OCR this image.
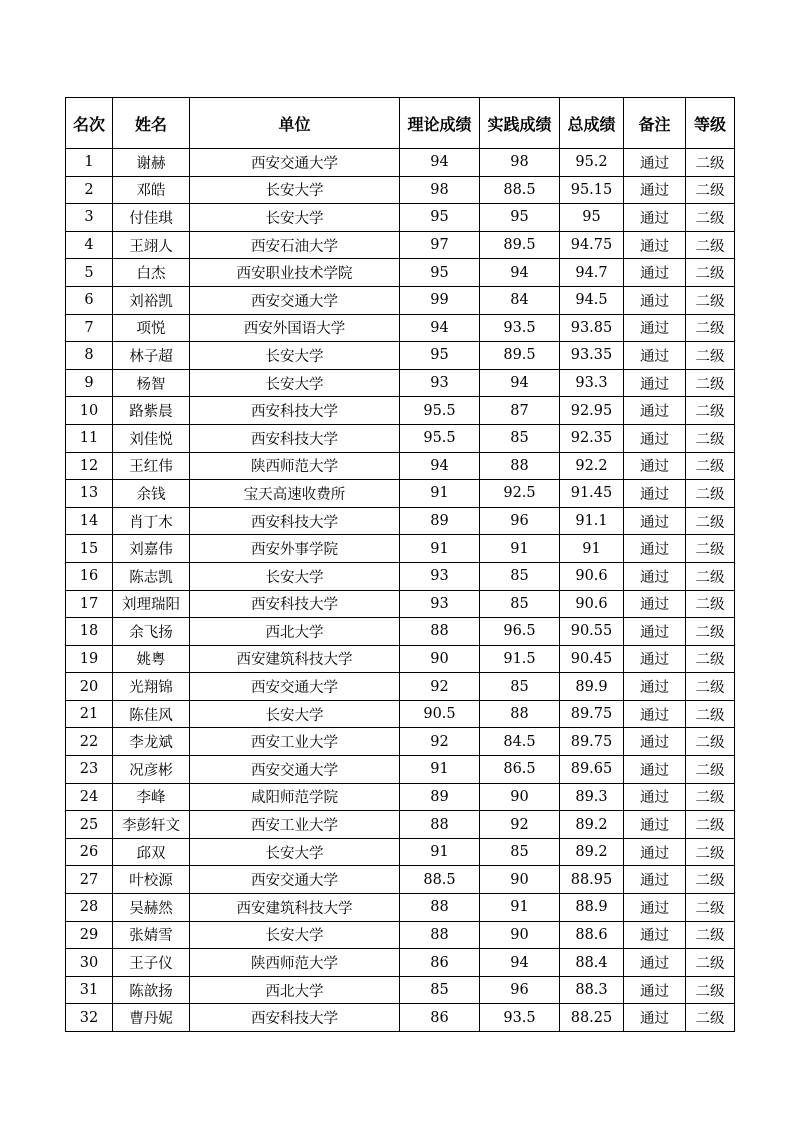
名次	姓名	单位	理论成绩	实践成绩	总成绩	备注	等级
1	谢赫	西安交通大学	94	98	95.2	通过	二级
2	邓皓	长安大学	98	88.5	95.15	通过	二级
3	付佳琪	长安大学	95	95	95	通过	二级
4	王翊人	西安石油大学	97	89.5	94.75	通过	二级
5	白杰	西安职业技术学院	95	94	94.7	通过	二级
6	刘裕凯	西安交通大学	99	84	94.5	通过	二级
7	项悦	西安外国语大学	94	93.5	93.85	通过	二级
8	林子超	长安大学	95	89.5	93.35	通过	二级
9	杨智	长安大学	93	94	93.3	通过	二级
10	路紫晨	西安科技大学	95.5	87	92.95	通过	二级
11	刘佳悦	西安科技大学	95.5	85	92.35	通过	二级
12	王红伟	陕西师范大学	94	88	92.2	通过	二级
13	余钱	宝天高速收费所	91	92.5	91.45	通过	二级
14	肖丁木	西安科技大学	89	96	91.1	通过	二级
15	刘嘉伟	西安外事学院	91	91	91	通过	二级
16	陈志凯	长安大学	93	85	90.6	通过	二级
17	刘理瑞阳	西安科技大学	93	85	90.6	通过	二级
18	余飞扬	西北大学	88	96.5	90.55	通过	二级
19	姚粤	西安建筑科技大学	90	91.5	90.45	通过	二级
20	光翔锦	西安交通大学	92	85	89.9	通过	二级
21	陈佳风	长安大学	90.5	88	89.75	通过	二级
22	李龙斌	西安工业大学	92	84.5	89.75	通过	二级
23	况彦彬	西安交通大学	91	86.5	89.65	通过	二级
24	李峰	咸阳师范学院	89	90	89.3	通过	二级
25	李彭轩文	西安工业大学	88	92	89.2	通过	二级
26	邱双	长安大学	91	85	89.2	通过	二级
27	叶校源	西安交通大学	88.5	90	88.95	通过	二级
28	吴赫然	西安建筑科技大学	88	91	88.9	通过	二级
29	张婧雪	长安大学	88	90	88.6	通过	二级
30	王子仪	陕西师范大学	86	94	88.4	通过	二级
31	陈歆扬	西北大学	85	96	88.3	通过	二级
32	曹丹妮	西安科技大学	86	93.5	88.25	通过	二级
